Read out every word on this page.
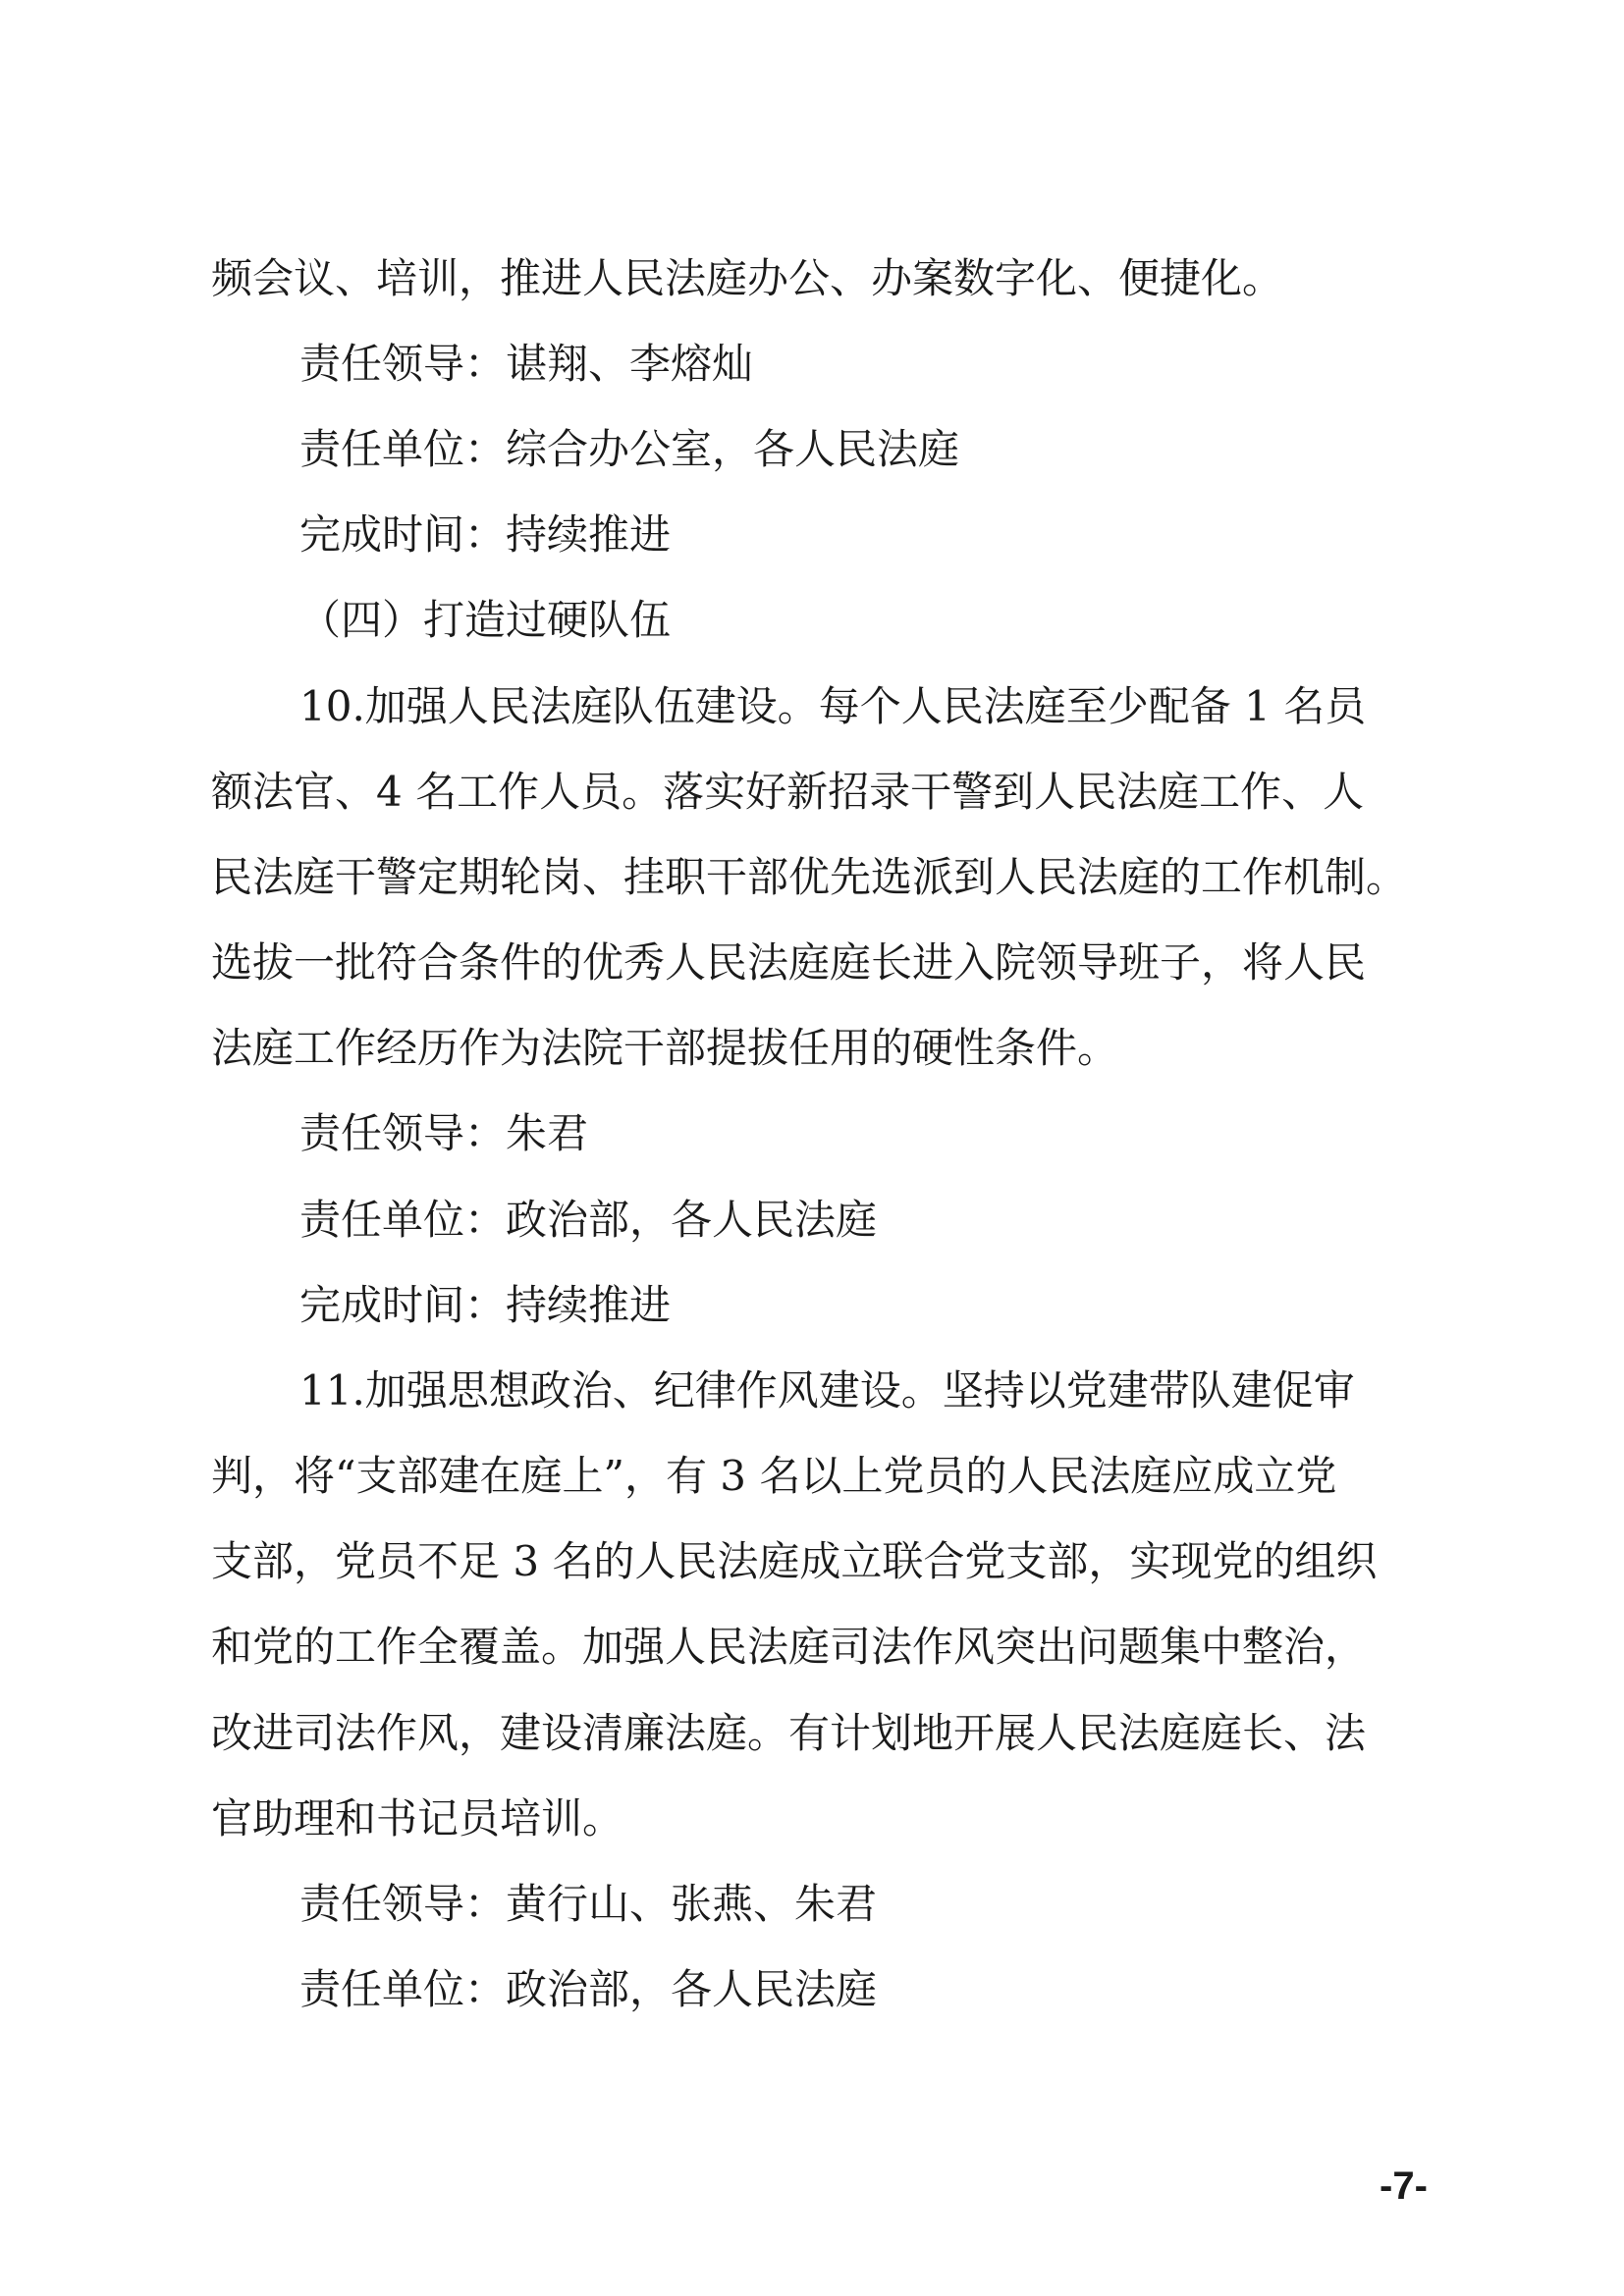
频会议、培训，推进人民法庭办公、办案数字化、便捷化。

责任领导：谌翔、李熔灿

责任单位：综合办公室，各人民法庭

完成时间：持续推进

（四）打造过硬队伍

10.加强人民法庭队伍建设。每个人民法庭至少配备 1 名员

额法官、4 名工作人员。落实好新招录干警到人民法庭工作、人

民法庭干警定期轮岗、挂职干部优先选派到人民法庭的工作机制。

选拔一批符合条件的优秀人民法庭庭长进入院领导班子，将人民

法庭工作经历作为法院干部提拔任用的硬性条件。

责任领导：朱君

责任单位：政治部，各人民法庭

完成时间：持续推进

11.加强思想政治、纪律作风建设。坚持以党建带队建促审

判，将“支部建在庭上”，有 3 名以上党员的人民法庭应成立党

支部，党员不足 3 名的人民法庭成立联合党支部，实现党的组织

和党的工作全覆盖。加强人民法庭司法作风突出问题集中整治，

改进司法作风，建设清廉法庭。有计划地开展人民法庭庭长、法

官助理和书记员培训。

责任领导：黄行山、张燕、朱君

责任单位：政治部，各人民法庭

-7-
